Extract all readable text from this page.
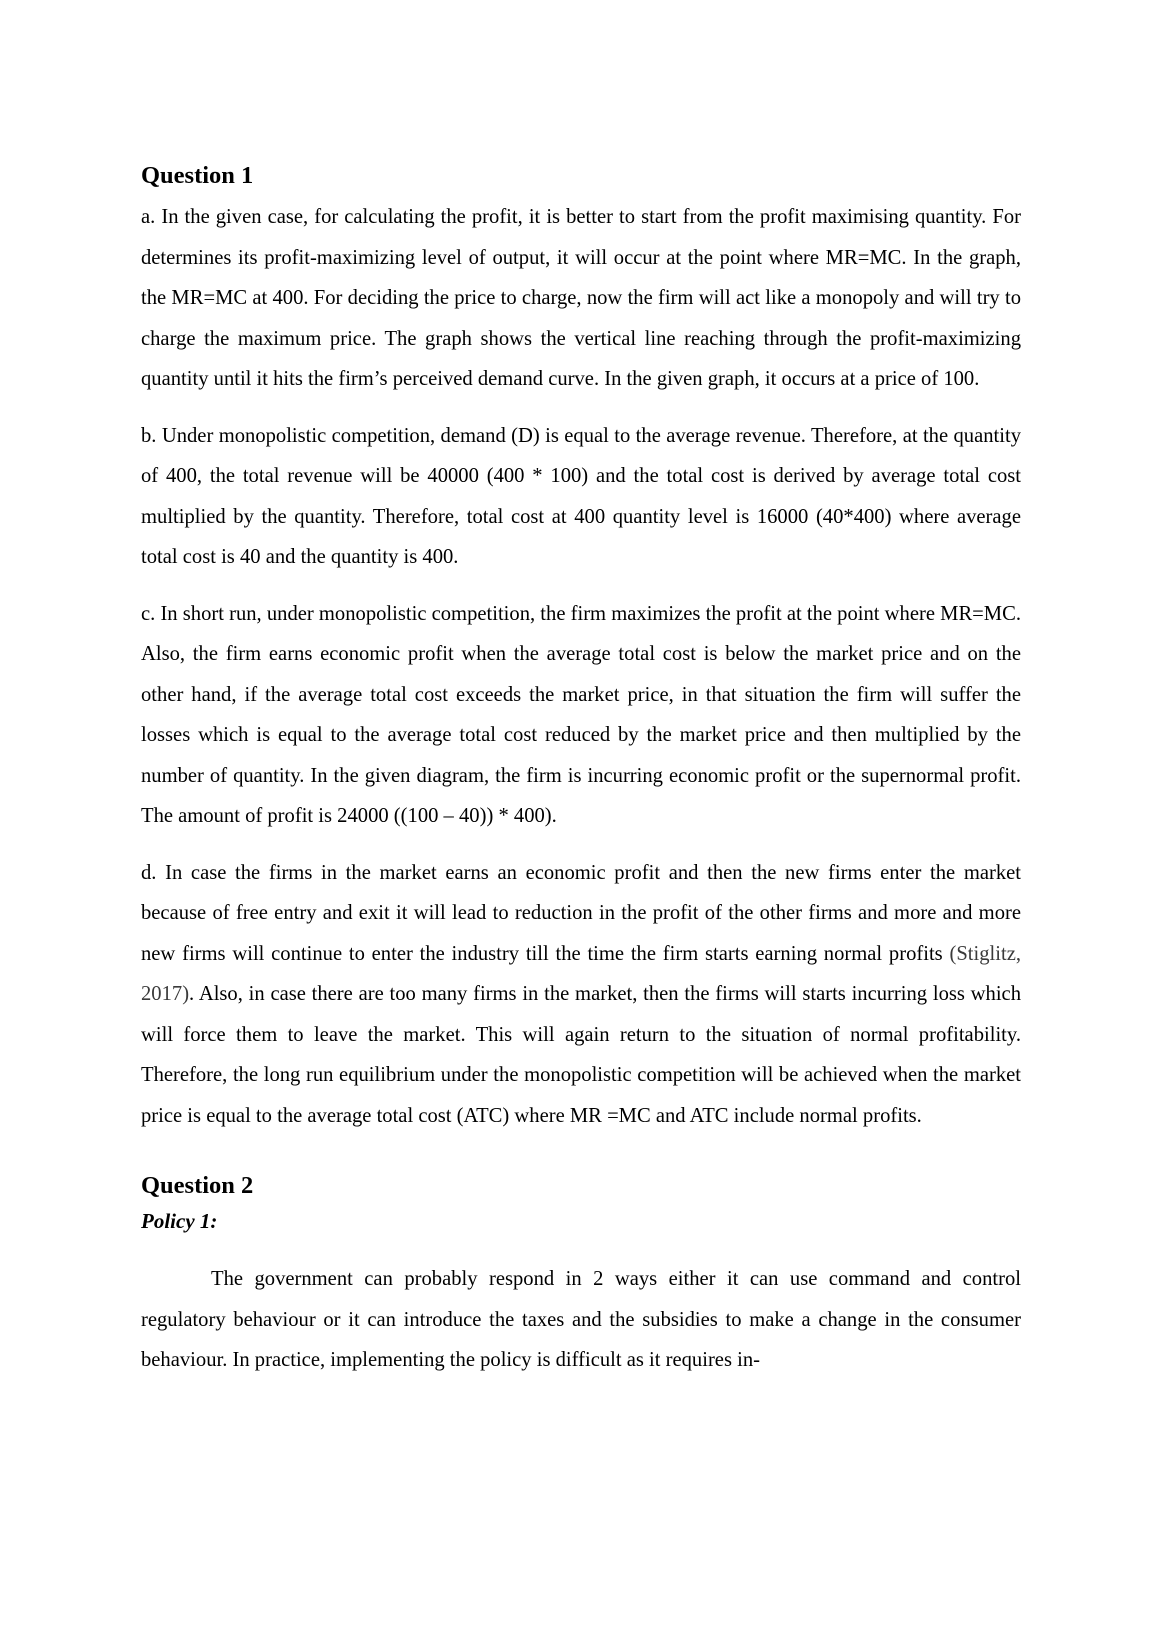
Question 1

a. In the given case, for calculating the profit, it is better to start from the profit maximising quantity. For determines its profit-maximizing level of output, it will occur at the point where MR=MC. In the graph, the MR=MC at 400. For deciding the price to charge, now the firm will act like a monopoly and will try to charge the maximum price. The graph shows the vertical line reaching through the profit-maximizing quantity until it hits the firm’s perceived demand curve. In the given graph, it occurs at a price of 100.

b. Under monopolistic competition, demand (D) is equal to the average revenue. Therefore, at the quantity of 400, the total revenue will be 40000 (400 * 100) and the total cost is derived by average total cost multiplied by the quantity. Therefore, total cost at 400 quantity level is 16000 (40*400) where average total cost is 40 and the quantity is 400.

c. In short run, under monopolistic competition, the firm maximizes the profit at the point where MR=MC. Also, the firm earns economic profit when the average total cost is below the market price and on the other hand, if the average total cost exceeds the market price, in that situation the firm will suffer the losses which is equal to the average total cost reduced by the market price and then multiplied by the number of quantity. In the given diagram, the firm is incurring economic profit or the supernormal profit. The amount of profit is 24000 ((100 – 40)) * 400).

d. In case the firms in the market earns an economic profit and then the new firms enter the market because of free entry and exit it will lead to reduction in the profit of the other firms and more and more new firms will continue to enter the industry till the time the firm starts earning normal profits (Stiglitz, 2017). Also, in case there are too many firms in the market, then the firms will starts incurring loss which will force them to leave the market. This will again return to the situation of normal profitability. Therefore, the long run equilibrium under the monopolistic competition will be achieved when the market price is equal to the average total cost (ATC) where MR =MC and ATC include normal profits.

Question 2
Policy 1:

The government can probably respond in 2 ways either it can use command and control regulatory behaviour or it can introduce the taxes and the subsidies to make a change in the consumer behaviour. In practice, implementing the policy is difficult as it requires in-
